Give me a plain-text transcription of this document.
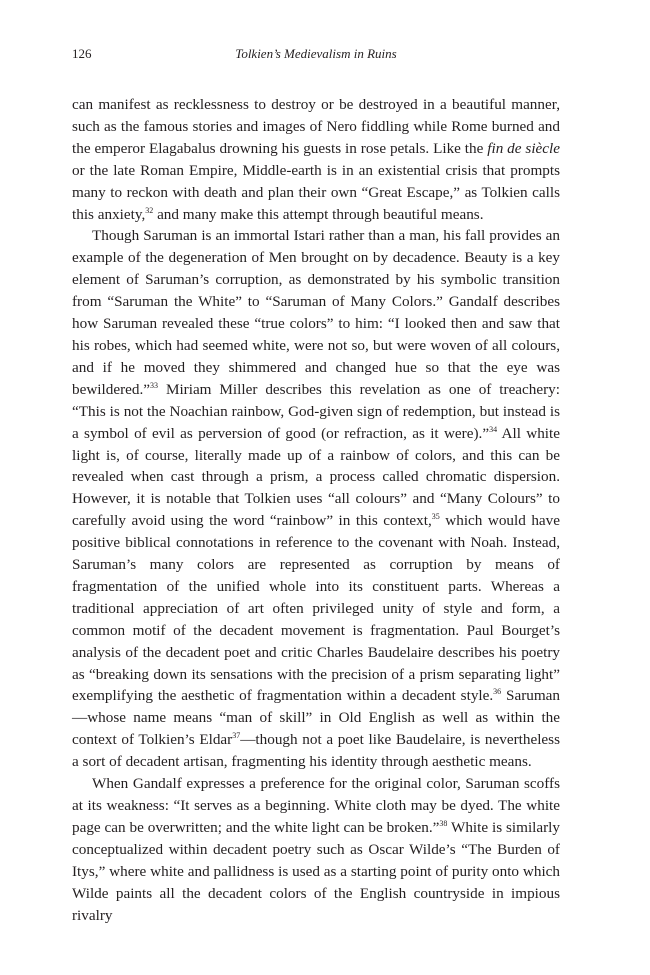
126	Tolkien’s Medievalism in Ruins

can manifest as recklessness to destroy or be destroyed in a beautiful manner, such as the famous stories and images of Nero fiddling while Rome burned and the emperor Elagabalus drowning his guests in rose petals. Like the fin de siècle or the late Roman Empire, Middle-earth is in an existential crisis that prompts many to reckon with death and plan their own “Great Escape,” as Tolkien calls this anxiety,$^{32}$ and many make this attempt through beautiful means.

Though Saruman is an immortal Istari rather than a man, his fall provides an example of the degeneration of Men brought on by decadence. Beauty is a key element of Saruman’s corruption, as demonstrated by his symbolic transition from “Saruman the White” to “Saruman of Many Colors.” Gandalf describes how Saruman revealed these “true colors” to him: “I looked then and saw that his robes, which had seemed white, were not so, but were woven of all colours, and if he moved they shimmered and changed hue so that the eye was bewildered.”$^{33}$ Miriam Miller describes this revelation as one of treachery: “This is not the Noachian rainbow, God-given sign of redemption, but instead is a symbol of evil as perversion of good (or refraction, as it were).”$^{34}$ All white light is, of course, literally made up of a rainbow of colors, and this can be revealed when cast through a prism, a process called chromatic dispersion. However, it is notable that Tolkien uses “all colours” and “Many Colours” to carefully avoid using the word “rainbow” in this context,$^{35}$ which would have positive biblical connotations in reference to the covenant with Noah. Instead, Saruman’s many colors are represented as corruption by means of fragmentation of the unified whole into its constituent parts. Whereas a traditional appreciation of art often privileged unity of style and form, a common motif of the decadent movement is fragmentation. Paul Bourget’s analysis of the decadent poet and critic Charles Baudelaire describes his poetry as “breaking down its sensations with the precision of a prism separating light” exemplifying the aesthetic of fragmentation within a decadent style.$^{36}$ Saruman—whose name means “man of skill” in Old English as well as within the context of Tolkien’s Eldar$^{37}$—though not a poet like Baudelaire, is nevertheless a sort of decadent artisan, fragmenting his identity through aesthetic means.

When Gandalf expresses a preference for the original color, Saruman scoffs at its weakness: “It serves as a beginning. White cloth may be dyed. The white page can be overwritten; and the white light can be broken.”$^{38}$ White is similarly conceptualized within decadent poetry such as Oscar Wilde’s “The Burden of Itys,” where white and pallidness is used as a starting point of purity onto which Wilde paints all the decadent colors of the English countryside in impious rivalry
